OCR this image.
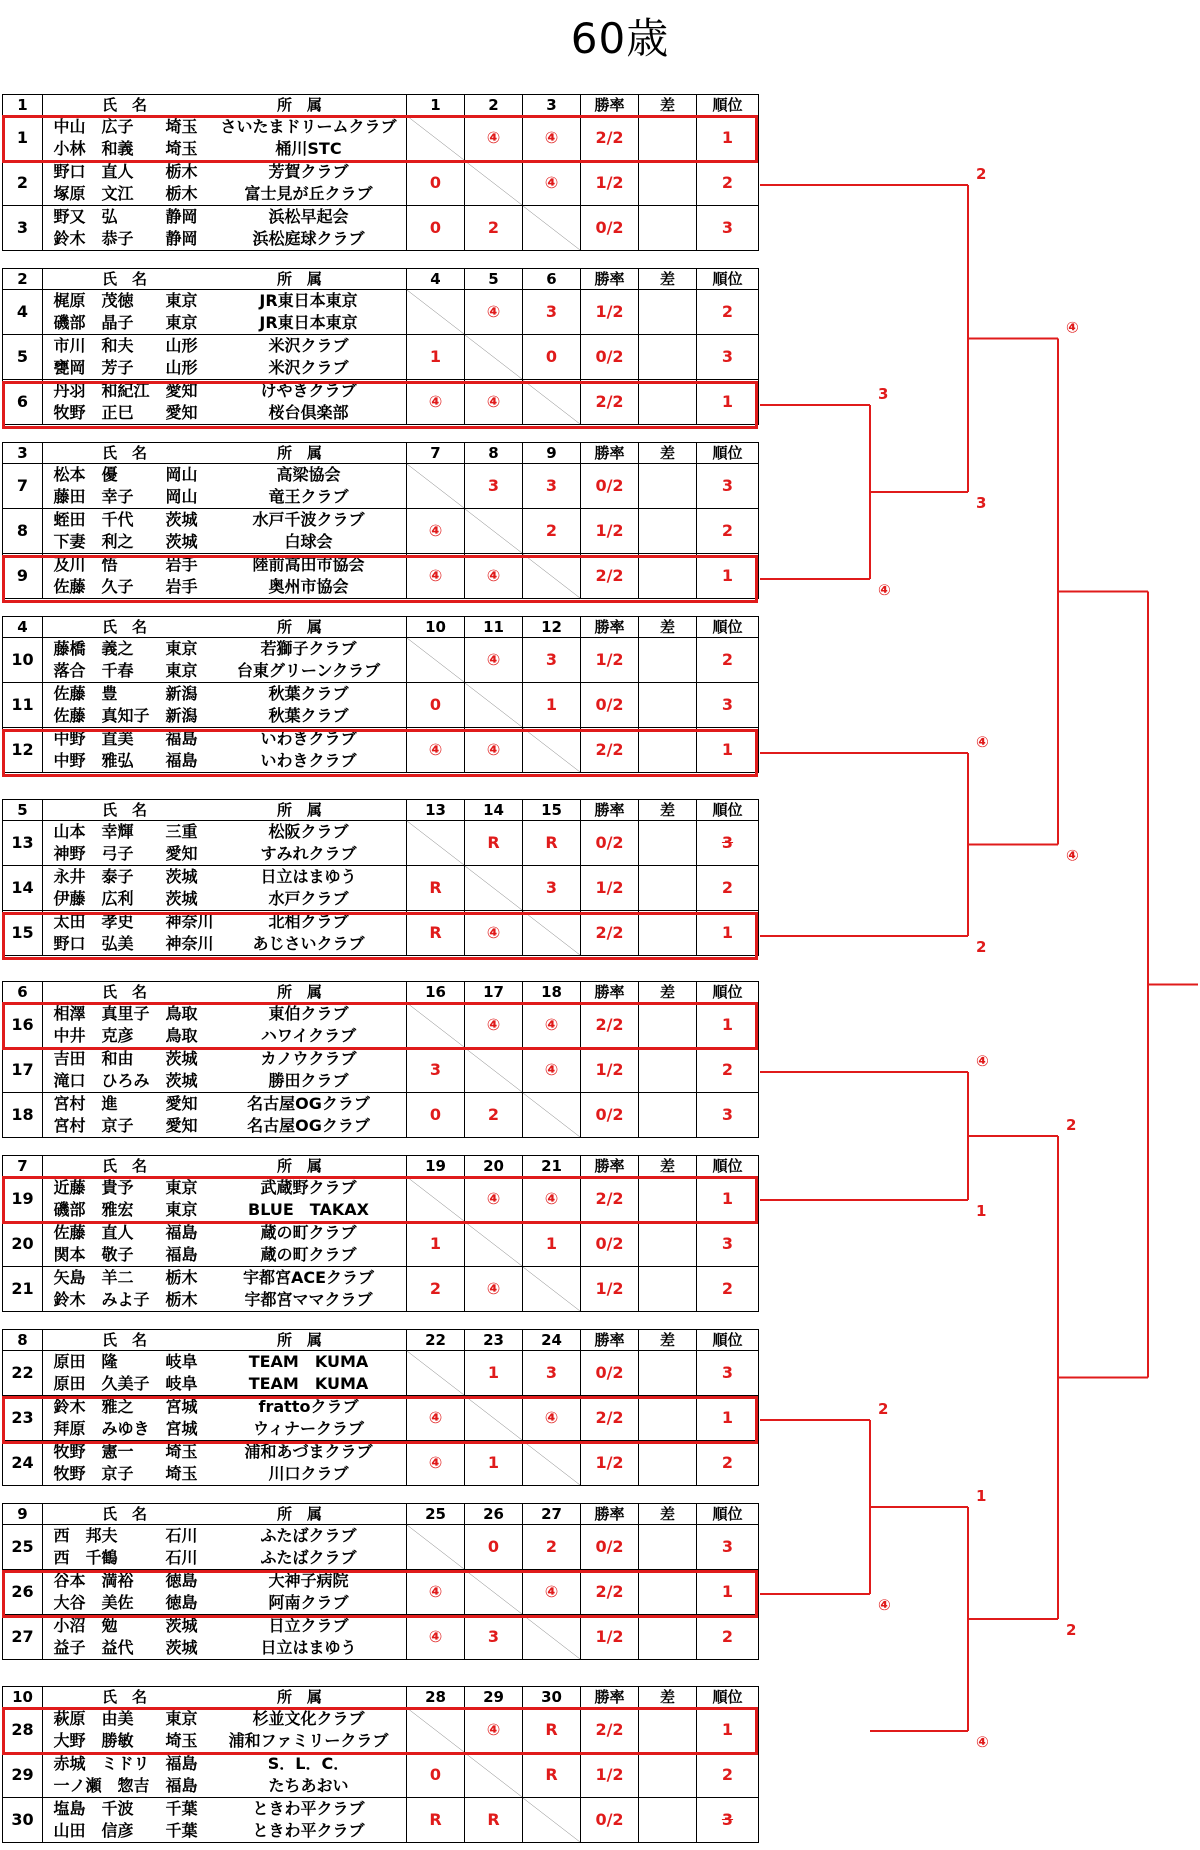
60歳
1	氏　名 所　属	1	2	3	勝率	差	順位
1	中山　広子 埼玉 さいたまドリームクラブ		④	④	2/2		1
	小林　和義 埼玉 桶川STC						
2	野口　直人 栃木 芳賀クラブ	0		④	1/2		2
	塚原　文江 栃木 富士見が丘クラブ						
3	野又　弘 静岡 浜松早起会	0	2		0/2		3
	鈴木　恭子 静岡 浜松庭球クラブ						
2	氏　名 所　属	4	5	6	勝率	差	順位
4	梶原　茂徳 東京 JR東日本東京		④	3	1/2		2
	磯部　晶子 東京 JR東日本東京						
5	市川　和夫 山形 米沢クラブ	1		0	0/2		3
	甕岡　芳子 山形 米沢クラブ						
6	丹羽　和紀江 愛知 けやきクラブ	④	④		2/2		1
	牧野　正巳 愛知 桜台倶楽部						
3	氏　名 所　属	7	8	9	勝率	差	順位
7	松本　優 岡山 高梁協会		3	3	0/2		3
	藤田　幸子 岡山 竜王クラブ						
8	蛭田　千代 茨城 水戸千波クラブ	④		2	1/2		2
	下妻　利之 茨城 白球会						
9	及川　悟 岩手 陸前高田市協会	④	④		2/2		1
	佐藤　久子 岩手 奥州市協会						
4	氏　名 所　属	10	11	12	勝率	差	順位
10	藤橋　義之 東京 若獅子クラブ		④	3	1/2		2
	落合　千春 東京 台東グリーンクラブ						
11	佐藤　豊 新潟 秋葉クラブ	0		1	0/2		3
	佐藤　真知子 新潟 秋葉クラブ						
12	中野　直美 福島 いわきクラブ	④	④		2/2		1
	中野　雅弘 福島 いわきクラブ						
5	氏　名 所　属	13	14	15	勝率	差	順位
13	山本　幸輝 三重 松阪クラブ		R	R	0/2		3
	神野　弓子 愛知 すみれクラブ						
14	永井　泰子 茨城 日立はまゆう	R		3	1/2		2
	伊藤　広利 茨城 水戸クラブ						
15	太田　孝史 神奈川 北相クラブ	R	④		2/2		1
	野口　弘美 神奈川 あじさいクラブ						
6	氏　名 所　属	16	17	18	勝率	差	順位
16	相澤　真里子 鳥取 東伯クラブ		④	④	2/2		1
	中井　克彦 鳥取 ハワイクラブ						
17	吉田　和由 茨城 カノウクラブ	3		④	1/2		2
	滝口　ひろみ 茨城 勝田クラブ						
18	宮村　進 愛知 名古屋OGクラブ	0	2		0/2		3
	宮村　京子 愛知 名古屋OGクラブ						
7	氏　名 所　属	19	20	21	勝率	差	順位
19	近藤　貴予 東京 武蔵野クラブ		④	④	2/2		1
	磯部　雅宏 東京 BLUE　TAKAX						
20	佐藤　直人 福島 蔵の町クラブ	1		1	0/2		3
	関本　敬子 福島 蔵の町クラブ						
21	矢島　羊二 栃木 宇都宮ACEクラブ	2	④		1/2		2
	鈴木　みよ子 栃木 宇都宮ママクラブ						
8	氏　名 所　属	22	23	24	勝率	差	順位
22	原田　隆 岐阜 TEAM　KUMA		1	3	0/2		3
	原田　久美子 岐阜 TEAM　KUMA						
23	鈴木　雅之 宮城 frattoクラブ	④		④	2/2		1
	拜原　みゆき 宮城 ウィナークラブ						
24	牧野　憲一 埼玉 浦和あづまクラブ	④	1		1/2		2
	牧野　京子 埼玉 川口クラブ						
9	氏　名 所　属	25	26	27	勝率	差	順位
25	西　邦夫 石川 ふたばクラブ		0	2	0/2		3
	西　千鶴 石川 ふたばクラブ						
26	谷本　満裕 徳島 大神子病院	④		④	2/2		1
	大谷　美佐 徳島 阿南クラブ						
27	小沼　勉 茨城 日立クラブ	④	3		1/2		2
	益子　益代 茨城 日立はまゆう						
10	氏　名 所　属	28	29	30	勝率	差	順位
28	萩原　由美 東京 杉並文化クラブ		④	R	2/2		1
	大野　勝敏 埼玉 浦和ファミリークラブ						
29	赤城　ミドリ 福島 S．L．C．	0		R	1/2		2
	一ノ瀬　惣吉 福島 たちあおい						
30	塩島　千波 千葉 ときわ平クラブ	R	R		0/2		3
	山田　信彦 千葉 ときわ平クラブ						
3
④
2
3
④
2
④
④
④
1
2
④
1
④
2
2
